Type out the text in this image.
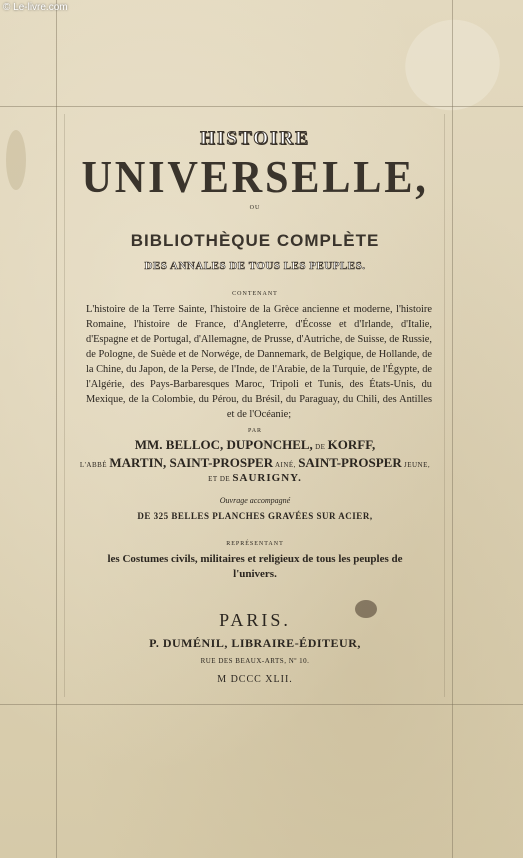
© Le-livre.com
HISTOIRE
UNIVERSELLE,
OU
BIBLIOTHÈQUE COMPLÈTE
DES ANNALES DE TOUS LES PEUPLES.
CONTENANT
L'histoire de la Terre Sainte, l'histoire de la Grèce ancienne et moderne, l'histoire Romaine, l'histoire de France, d'Angleterre, d'Écosse et d'Irlande, d'Italie, d'Espagne et de Portugal, d'Allemagne, de Prusse, d'Autriche, de Suisse, de Russie, de Pologne, de Suède et de Norwége, de Dannemark, de Belgique, de Hollande, de la Chine, du Japon, de la Perse, de l'Inde, de l'Arabie, de la Turquie, de l'Égypte, de l'Algérie, des Pays-Barbaresques Maroc, Tripoli et Tunis, des États-Unis, du Mexique, de la Colombie, du Pérou, du Brésil, du Paraguay, du Chili, des Antilles et de l'Océanie;
PAR
MM. BELLOC, DUPONCHEL, DE KORFF,
L'ABBÉ MARTIN, SAINT-PROSPER AINÉ, SAINT-PROSPER JEUNE,
ET DE SAURIGNY.
Ouvrage accompagné
DE 325 BELLES PLANCHES GRAVÉES SUR ACIER,
REPRÉSENTANT
les Costumes civils, militaires et religieux de tous les peuples de l'univers.
PARIS.
P. DUMÉNIL, LIBRAIRE-ÉDITEUR,
RUE DES BEAUX-ARTS, Nº 10.
M DCCC XLII.
